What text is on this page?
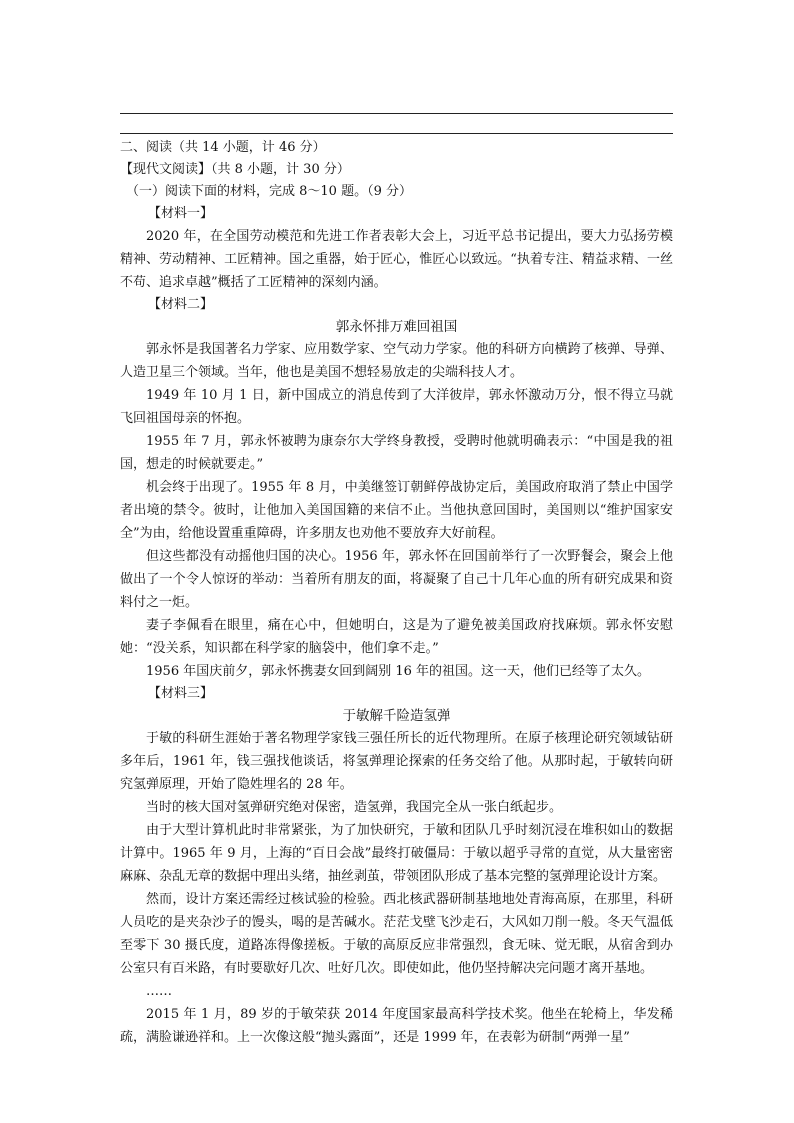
二、阅读（共 14 小题，计 46 分）
【现代文阅读】（共 8 小题，计 30 分）
（一）阅读下面的材料，完成 8～10 题。（9 分）
【材料一】

2020 年，在全国劳动模范和先进工作者表彰大会上，习近平总书记提出，要大力弘扬劳模精神、劳动精神、工匠精神。国之重器，始于匠心，惟匠心以致远。“执着专注、精益求精、一丝不苟、追求卓越”概括了工匠精神的深刻内涵。

【材料二】
郭永怀排万难回祖国

郭永怀是我国著名力学家、应用数学家、空气动力学家。他的科研方向横跨了核弹、导弹、人造卫星三个领域。当年，他也是美国不想轻易放走的尖端科技人才。

1949 年 10 月 1 日，新中国成立的消息传到了大洋彼岸，郭永怀激动万分，恨不得立马就飞回祖国母亲的怀抱。

1955 年 7 月，郭永怀被聘为康奈尔大学终身教授，受聘时他就明确表示：“中国是我的祖国，想走的时候就要走。”

机会终于出现了。1955 年 8 月，中美继签订朝鲜停战协定后，美国政府取消了禁止中国学者出境的禁令。彼时，让他加入美国国籍的来信不止。当他执意回国时，美国则以“维护国家安全”为由，给他设置重重障碍，许多朋友也劝他不要放弃大好前程。

但这些都没有动摇他归国的决心。1956 年，郭永怀在回国前举行了一次野餐会，聚会上他做出了一个令人惊讶的举动：当着所有朋友的面，将凝聚了自己十几年心血的所有研究成果和资料付之一炬。

妻子李佩看在眼里，痛在心中，但她明白，这是为了避免被美国政府找麻烦。郭永怀安慰她：“没关系，知识都在科学家的脑袋中，他们拿不走。”

1956 年国庆前夕，郭永怀携妻女回到阔别 16 年的祖国。这一天，他们已经等了太久。

【材料三】
于敏解千险造氢弹

于敏的科研生涯始于著名物理学家钱三强任所长的近代物理所。在原子核理论研究领域钻研多年后，1961 年，钱三强找他谈话，将氢弹理论探索的任务交给了他。从那时起，于敏转向研究氢弹原理，开始了隐姓埋名的 28 年。

当时的核大国对氢弹研究绝对保密，造氢弹，我国完全从一张白纸起步。

由于大型计算机此时非常紧张，为了加快研究，于敏和团队几乎时刻沉浸在堆积如山的数据计算中。1965 年 9 月，上海的“百日会战”最终打破僵局：于敏以超乎寻常的直觉，从大量密密麻麻、杂乱无章的数据中理出头绪，抽丝剥茧，带领团队形成了基本完整的氢弹理论设计方案。

然而，设计方案还需经过核试验的检验。西北核武器研制基地地处青海高原，在那里，科研人员吃的是夹杂沙子的馒头，喝的是苦碱水。茫茫戈壁飞沙走石，大风如刀削一般。冬天气温低至零下 30 摄氏度，道路冻得像搓板。于敏的高原反应非常强烈，食无味、觉无眠，从宿舍到办公室只有百米路，有时要歇好几次、吐好几次。即使如此，他仍坚持解决完问题才离开基地。

……

2015 年 1 月，89 岁的于敏荣获 2014 年度国家最高科学技术奖。他坐在轮椅上，华发稀疏，满脸谦逊祥和。上一次像这般“抛头露面”，还是 1999 年，在表彰为研制“两弹一星”
